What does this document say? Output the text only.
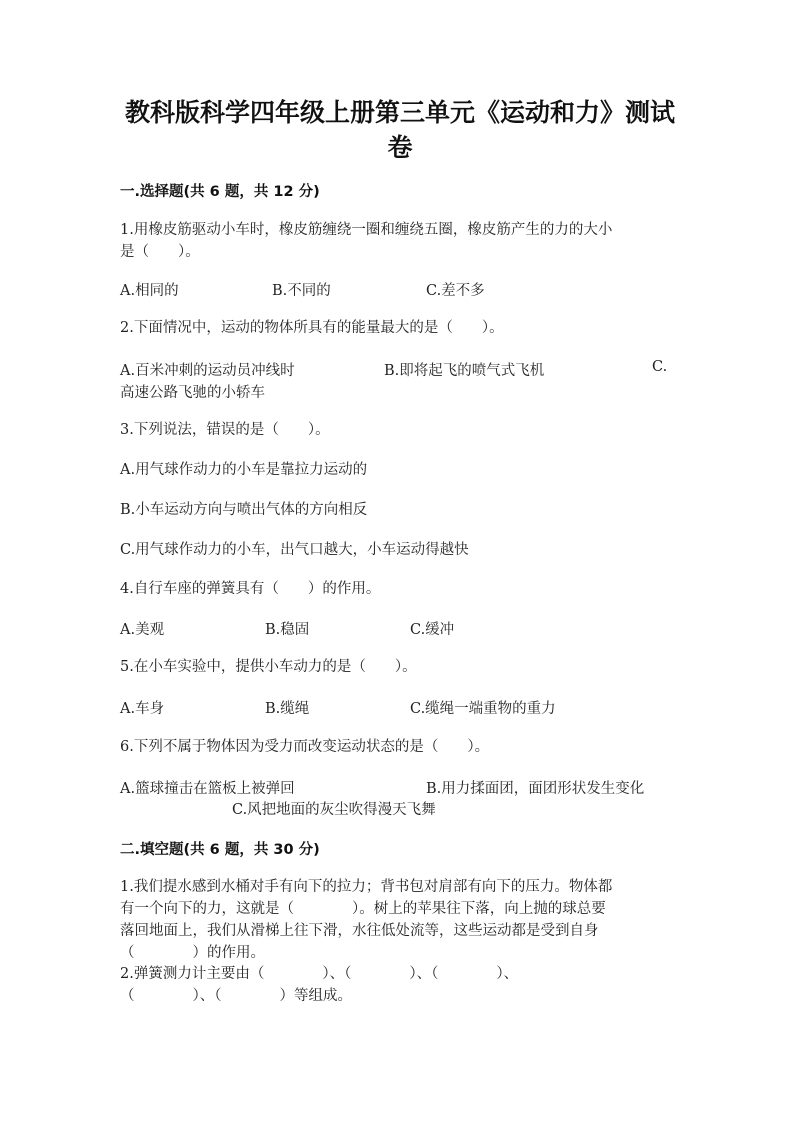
教科版科学四年级上册第三单元《运动和力》测试
卷
一.选择题(共 6 题，共 12 分)
1.用橡皮筋驱动小车时，橡皮筋缠绕一圈和缠绕五圈，橡皮筋产生的力的大小
是（　　）。
A.相同的	B.不同的	C.差不多
2.下面情况中，运动的物体所具有的能量最大的是（　　）。
A.百米冲刺的运动员冲线时	B.即将起飞的喷气式飞机	C.
高速公路飞驰的小轿车
3.下列说法，错误的是（　　）。
A.用气球作动力的小车是靠拉力运动的
B.小车运动方向与喷出气体的方向相反
C.用气球作动力的小车，出气口越大，小车运动得越快
4.自行车座的弹簧具有（　　）的作用。
A.美观	B.稳固	C.缓冲
5.在小车实验中，提供小车动力的是（　　）。
A.车身	B.缆绳	C.缆绳一端重物的重力
6.下列不属于物体因为受力而改变运动状态的是（　　）。
A.篮球撞击在篮板上被弹回	B.用力揉面团，面团形状发生变化
C.风把地面的灰尘吹得漫天飞舞
二.填空题(共 6 题，共 30 分)
1.我们提水感到水桶对手有向下的拉力；背书包对肩部有向下的压力。物体都
有一个向下的力，这就是（　　　　）。树上的苹果往下落，向上抛的球总要
落回地面上，我们从滑梯上往下滑，水往低处流等，这些运动都是受到自身
（　　　　）的作用。
2.弹簧测力计主要由（　　　　）、（　　　　）、（　　　　）、
（　　　　）、（　　　　）等组成。
